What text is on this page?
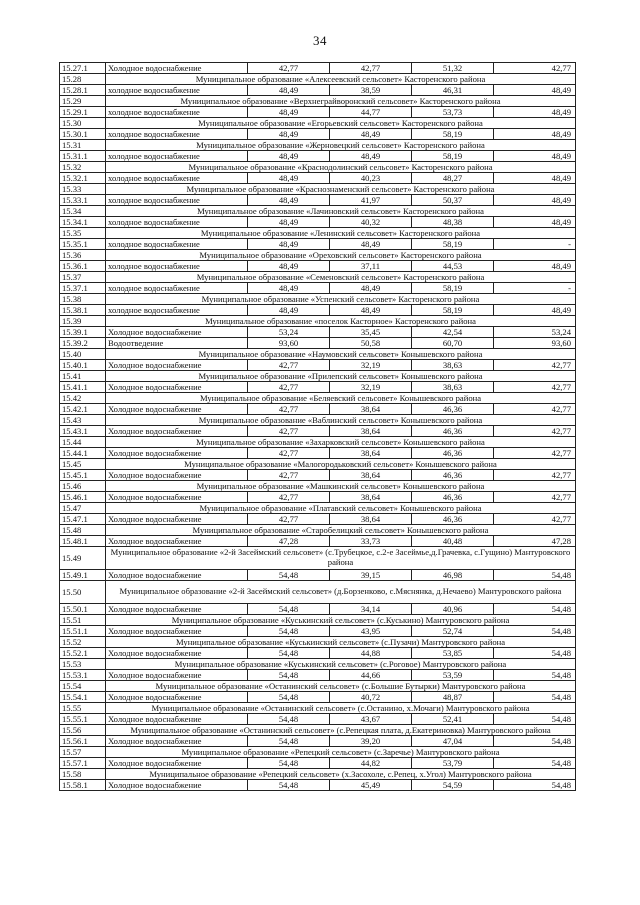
34
15.27.1	Холодное водоснабжение	42,77	42,77	51,32	42,77
15.28	Муниципальное образование «Алексеевский сельсовет» Касторенского района				
15.28.1	холодное водоснабжение	48,49	38,59	46,31	48,49
15.29	Муниципальное образование «Верхнеграйворонский сельсовет» Касторенского района				
15.29.1	холодное водоснабжение	48,49	44,77	53,73	48,49
15.30	Муниципальное образование «Егорьевский сельсовет» Касторенского района				
15.30.1	холодное водоснабжение	48,49	48,49	58,19	48,49
15.31	Муниципальное образование «Жерновецкий сельсовет» Касторенского района				
15.31.1	холодное водоснабжение	48,49	48,49	58,19	48,49
15.32	Муниципальное образование «Краснодолинский сельсовет» Касторенского района				
15.32.1	холодное водоснабжение	48,49	40,23	48,27	48,49
15.33	Муниципальное образование «Краснознаменский сельсовет» Касторенского района				
15.33.1	холодное водоснабжение	48,49	41,97	50,37	48,49
15.34	Муниципальное образование «Лачиновский сельсовет» Касторенского района				
15.34.1	холодное водоснабжение	48,49	40,32	48,38	48,49
15.35	Муниципальное образование «Ленинский сельсовет» Касторенского района				
15.35.1	холодное водоснабжение	48,49	48,49	58,19	-
15.36	Муниципальное образование «Ореховский сельсовет» Касторенского района				
15.36.1	холодное водоснабжение	48,49	37,11	44,53	48,49
15.37	Муниципальное образование «Семеновский сельсовет» Касторенского района				
15.37.1	холодное водоснабжение	48,49	48,49	58,19	-
15.38	Муниципальное образование «Успенский сельсовет» Касторенского района				
15.38.1	холодное водоснабжение	48,49	48,49	58,19	48,49
15.39	Муниципальное образование «поселок Касторное» Касторенского района				
15.39.1	Холодное водоснабжение	53,24	35,45	42,54	53,24
15.39.2	Водоотведение	93,60	50,58	60,70	93,60
15.40	Муниципальное образование «Наумовский сельсовет» Конышевского района				
15.40.1	Холодное водоснабжение	42,77	32,19	38,63	42,77
15.41	Муниципальное образование «Прилепский сельсовет» Конышевского района				
15.41.1	Холодное водоснабжение	42,77	32,19	38,63	42,77
15.42	Муниципальное образование «Беляевский сельсовет» Конышевского района				
15.42.1	Холодное водоснабжение	42,77	38,64	46,36	42,77
15.43	Муниципальное образование «Ваблинский сельсовет» Конышевского района				
15.43.1	Холодное водоснабжение	42,77	38,64	46,36	42,77
15.44	Муниципальное образование «Захарковский сельсовет» Конышевского района				
15.44.1	Холодное водоснабжение	42,77	38,64	46,36	42,77
15.45	Муниципальное образование «Малогородьковский сельсовет» Конышевского района				
15.45.1	Холодное водоснабжение	42,77	38,64	46,36	42,77
15.46	Муниципальное образование «Машкинский сельсовет» Конышевского района				
15.46.1	Холодное водоснабжение	42,77	38,64	46,36	42,77
15.47	Муниципальное образование «Платавский сельсовет» Конышевского района				
15.47.1	Холодное водоснабжение	42,77	38,64	46,36	42,77
15.48	Муниципальное образование «Старобелицкий сельсовет» Конышевского района				
15.48.1	Холодное водоснабжение	47,28	33,73	40,48	47,28
15.49	Муниципальное образование «2-й Засеймский сельсовет» (с.Трубецкое, с.2-е Засеймье,д.Грачевка, с.Гущино) Мантуровского района				
15.49.1	Холодное водоснабжение	54,48	39,15	46,98	54,48
15.50	Муниципальное образование «2-й Засеймский сельсовет» (д.Борзенково, с.Мяснянка, д.Нечаево) Мантуровского района				
15.50.1	Холодное водоснабжение	54,48	34,14	40,96	54,48
15.51	Муниципальное образование «Куськинский сельсовет» (с.Куськино) Мантуровского района				
15.51.1	Холодное водоснабжение	54,48	43,95	52,74	54,48
15.52	Муниципальное образование «Куськинский сельсовет» (с.Пузачи) Мантуровского района				
15.52.1	Холодное водоснабжение	54,48	44,88	53,85	54,48
15.53	Муниципальное образование «Куськинский сельсовет» (с.Роговое) Мантуровского района				
15.53.1	Холодное водоснабжение	54,48	44,66	53,59	54,48
15.54	Муниципальное образование «Останинский сельсовет» (с.Большие Бутырки) Мантуровского района				
15.54.1	Холодное водоснабжение	54,48	40,72	48,87	54,48
15.55	Муниципальное образование «Останинский сельсовет» (с.Останино, х.Мочаги) Мантуровского района				
15.55.1	Холодное водоснабжение	54,48	43,67	52,41	54,48
15.56	Муниципальное образование «Останинский сельсовет» (с.Репецкая плата, д.Екатериновка) Мантуровского района				
15.56.1	Холодное водоснабжение	54,48	39,20	47,04	54,48
15.57	Муниципальное образование «Репецкий сельсовет» (с.Заречье) Мантуровского района				
15.57.1	Холодное водоснабжение	54,48	44,82	53,79	54,48
15.58	Муниципальное образование «Репецкий сельсовет» (х.Засохоле, с.Репец, х.Угол) Мантуровского района				
15.58.1	Холодное водоснабжение	54,48	45,49	54,59	54,48
